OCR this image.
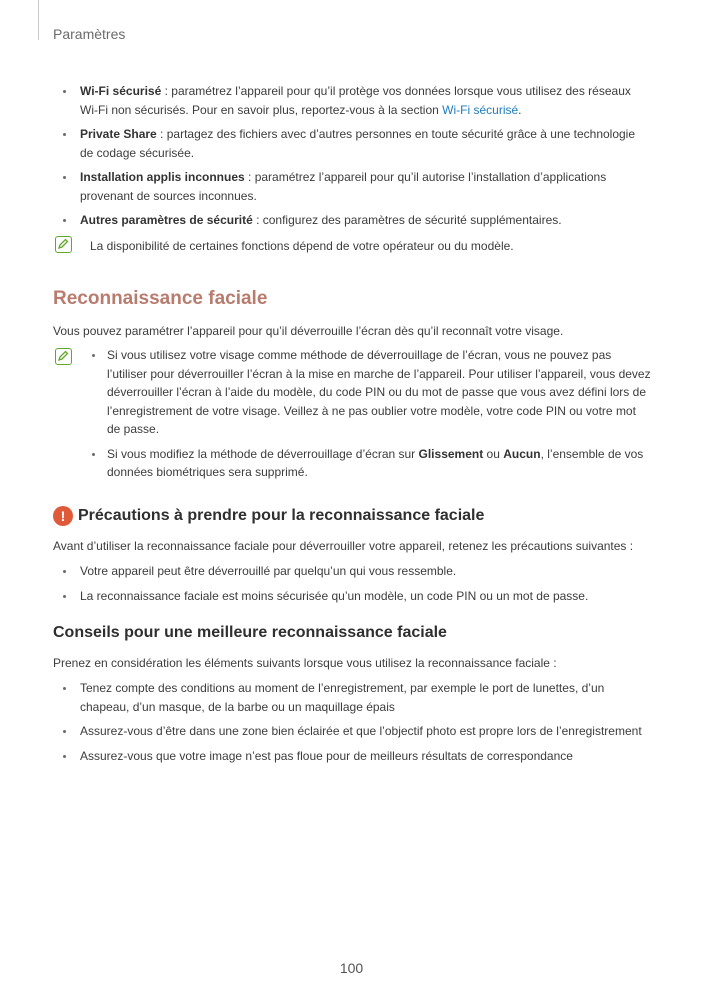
Paramètres
Wi-Fi sécurisé : paramétrez l’appareil pour qu’il protège vos données lorsque vous utilisez des réseaux Wi-Fi non sécurisés. Pour en savoir plus, reportez-vous à la section Wi-Fi sécurisé.
Private Share : partagez des fichiers avec d’autres personnes en toute sécurité grâce à une technologie de codage sécurisée.
Installation applis inconnues : paramétrez l’appareil pour qu’il autorise l’installation d’applications provenant de sources inconnues.
Autres paramètres de sécurité : configurez des paramètres de sécurité supplémentaires.
La disponibilité de certaines fonctions dépend de votre opérateur ou du modèle.
Reconnaissance faciale
Vous pouvez paramétrer l’appareil pour qu’il déverrouille l’écran dès qu’il reconnaît votre visage.
Si vous utilisez votre visage comme méthode de déverrouillage de l’écran, vous ne pouvez pas l’utiliser pour déverrouiller l’écran à la mise en marche de l’appareil. Pour utiliser l’appareil, vous devez déverrouiller l’écran à l’aide du modèle, du code PIN ou du mot de passe que vous avez défini lors de l’enregistrement de votre visage. Veillez à ne pas oublier votre modèle, votre code PIN ou votre mot de passe.
Si vous modifiez la méthode de déverrouillage d’écran sur Glissement ou Aucun, l’ensemble de vos données biométriques sera supprimé.
! Précautions à prendre pour la reconnaissance faciale
Avant d’utiliser la reconnaissance faciale pour déverrouiller votre appareil, retenez les précautions suivantes :
Votre appareil peut être déverrouillé par quelqu’un qui vous ressemble.
La reconnaissance faciale est moins sécurisée qu’un modèle, un code PIN ou un mot de passe.
Conseils pour une meilleure reconnaissance faciale
Prenez en considération les éléments suivants lorsque vous utilisez la reconnaissance faciale :
Tenez compte des conditions au moment de l’enregistrement, par exemple le port de lunettes, d’un chapeau, d’un masque, de la barbe ou un maquillage épais
Assurez-vous d’être dans une zone bien éclairée et que l’objectif photo est propre lors de l’enregistrement
Assurez-vous que votre image n’est pas floue pour de meilleurs résultats de correspondance
100
